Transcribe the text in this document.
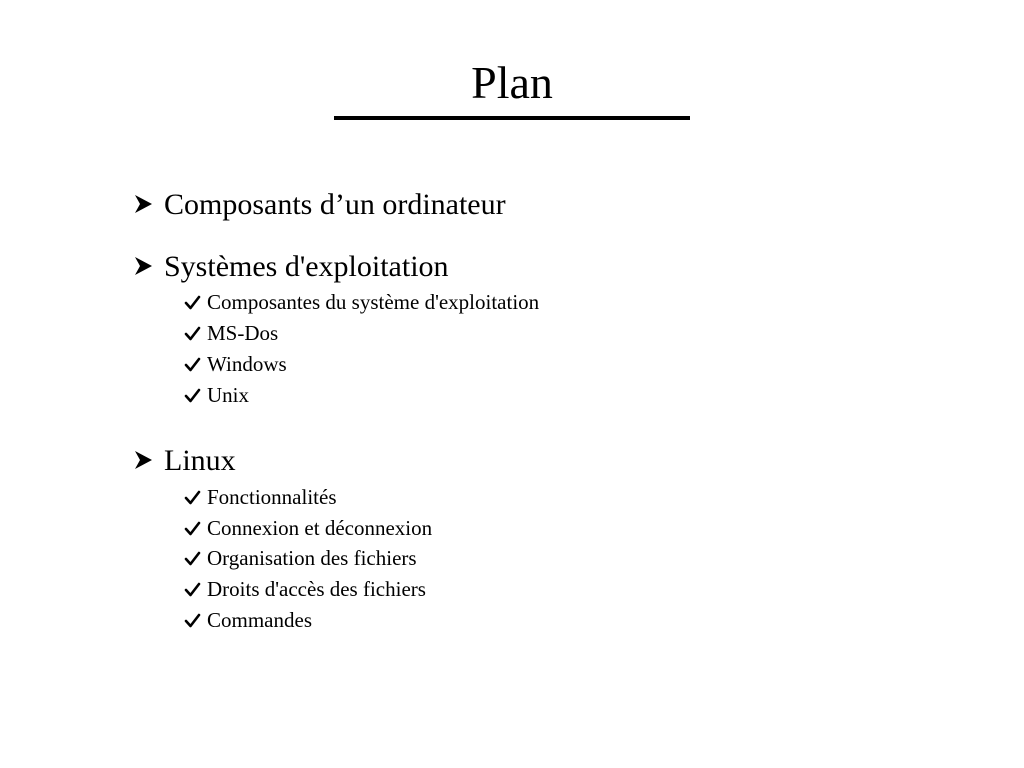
Plan
Composants d’un ordinateur
Systèmes d'exploitation
Composantes du système d'exploitation
MS-Dos
Windows
Unix
Linux
Fonctionnalités
Connexion et déconnexion
Organisation des fichiers
Droits d'accès des fichiers
Commandes
